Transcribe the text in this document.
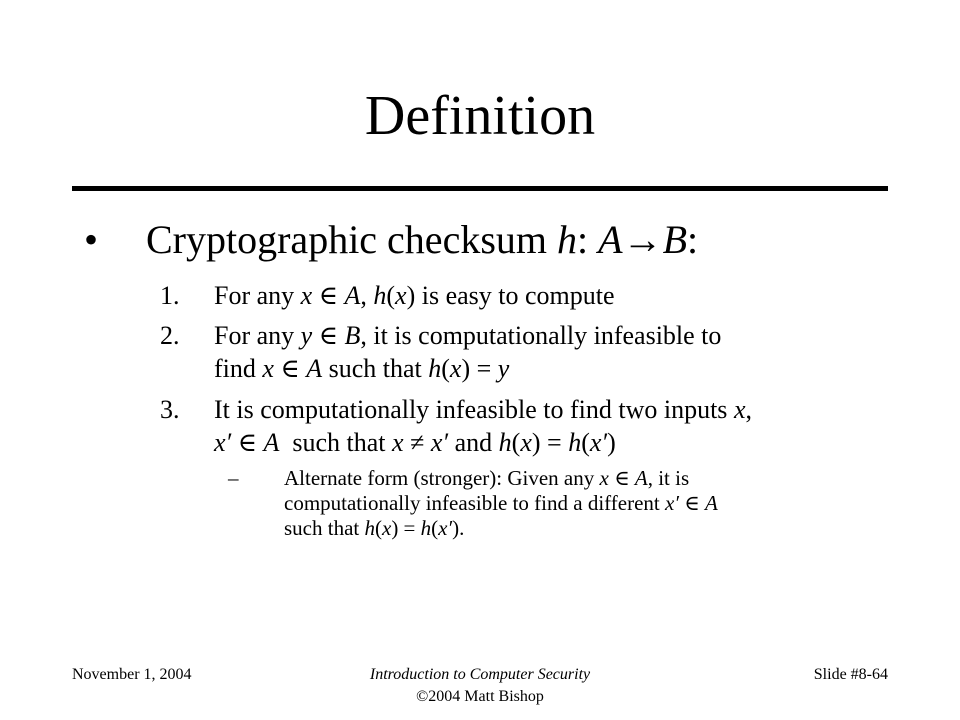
Definition
• Cryptographic checksum h: A→B:
1. For any x ∈ A, h(x) is easy to compute
2. For any y ∈ B, it is computationally infeasible to
find x ∈ A such that h(x) = y
3. It is computationally infeasible to find two inputs x,
x′ ∈ A  such that x ≠ x′ and h(x) = h(x′)
– Alternate form (stronger): Given any x ∈ A, it is
computationally infeasible to find a different x′ ∈ A
such that h(x) = h(x′).
November 1, 2004	Introduction to Computer Security
©2004 Matt Bishop
Slide #8-64
